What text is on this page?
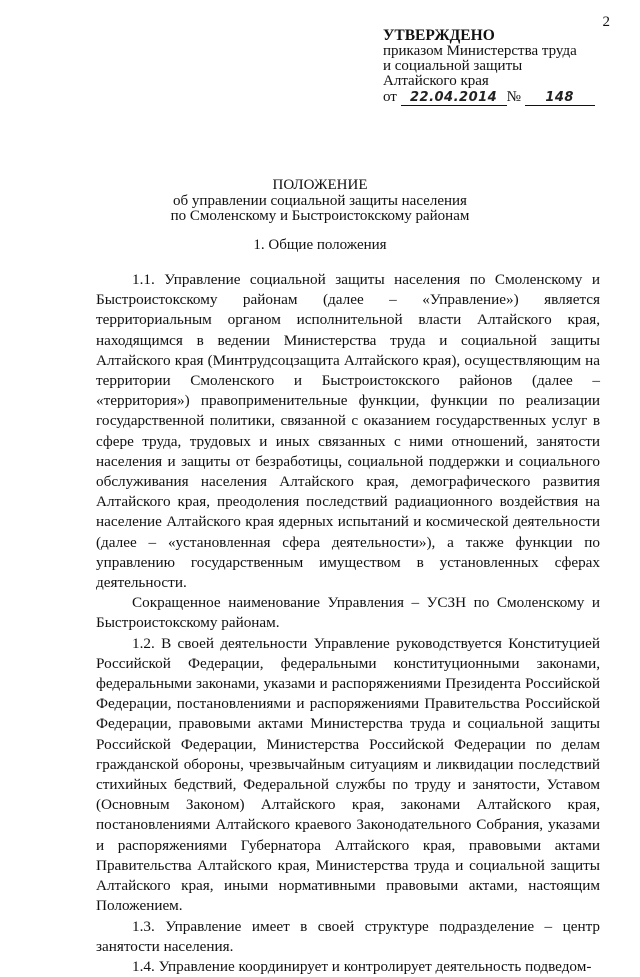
2
УТВЕРЖДЕНО
приказом Министерства труда
и социальной защиты
Алтайского края
от 22.04.2014 № 148
ПОЛОЖЕНИЕ
об управлении социальной защиты населения
по Смоленскому и Быстроистокскому районам
1. Общие положения

1.1. Управление социальной защиты населения по Смоленскому и Быстроистокскому районам (далее – «Управление») является территориальным органом исполнительной власти Алтайского края, находящимся в ведении Министерства труда и социальной защиты Алтайского края (Минтрудсоцзащита Алтайского края), осуществляющим на территории Смоленского и Быстроистокского районов (далее – «территория») правоприменительные функции, функции по реализации государственной политики, связанной с оказанием государственных услуг в сфере труда, трудовых и иных связанных с ними отношений, занятости населения и защиты от безработицы, социальной поддержки и социального обслуживания населения Алтайского края, демографического развития Алтайского края, преодоления последствий радиационного воздействия на население Алтайского края ядерных испытаний и космической деятельности (далее – «установленная сфера деятельности»), а также функции по управлению государственным имуществом в установленных сферах деятельности.

Сокращенное наименование Управления – УСЗН по Смоленскому и Быстроистокскому районам.

1.2. В своей деятельности Управление руководствуется Конституцией Российской Федерации, федеральными конституционными законами, федеральными законами, указами и распоряжениями Президента Российской Федерации, постановлениями и распоряжениями Правительства Российской Федерации, правовыми актами Министерства труда и социальной защиты Российской Федерации, Министерства Российской Федерации по делам гражданской обороны, чрезвычайным ситуациям и ликвидации последствий стихийных бедствий, Федеральной службы по труду и занятости, Уставом (Основным Законом) Алтайского края, законами Алтайского края, постановлениями Алтайского краевого Законодательного Собрания, указами и распоряжениями Губернатора Алтайского края, правовыми актами Правительства Алтайского края, Министерства труда и социальной защиты Алтайского края, иными нормативными правовыми актами, настоящим Положением.

1.3. Управление имеет в своей структуре подразделение – центр занятости населения.

1.4. Управление координирует и контролирует деятельность подведом-
